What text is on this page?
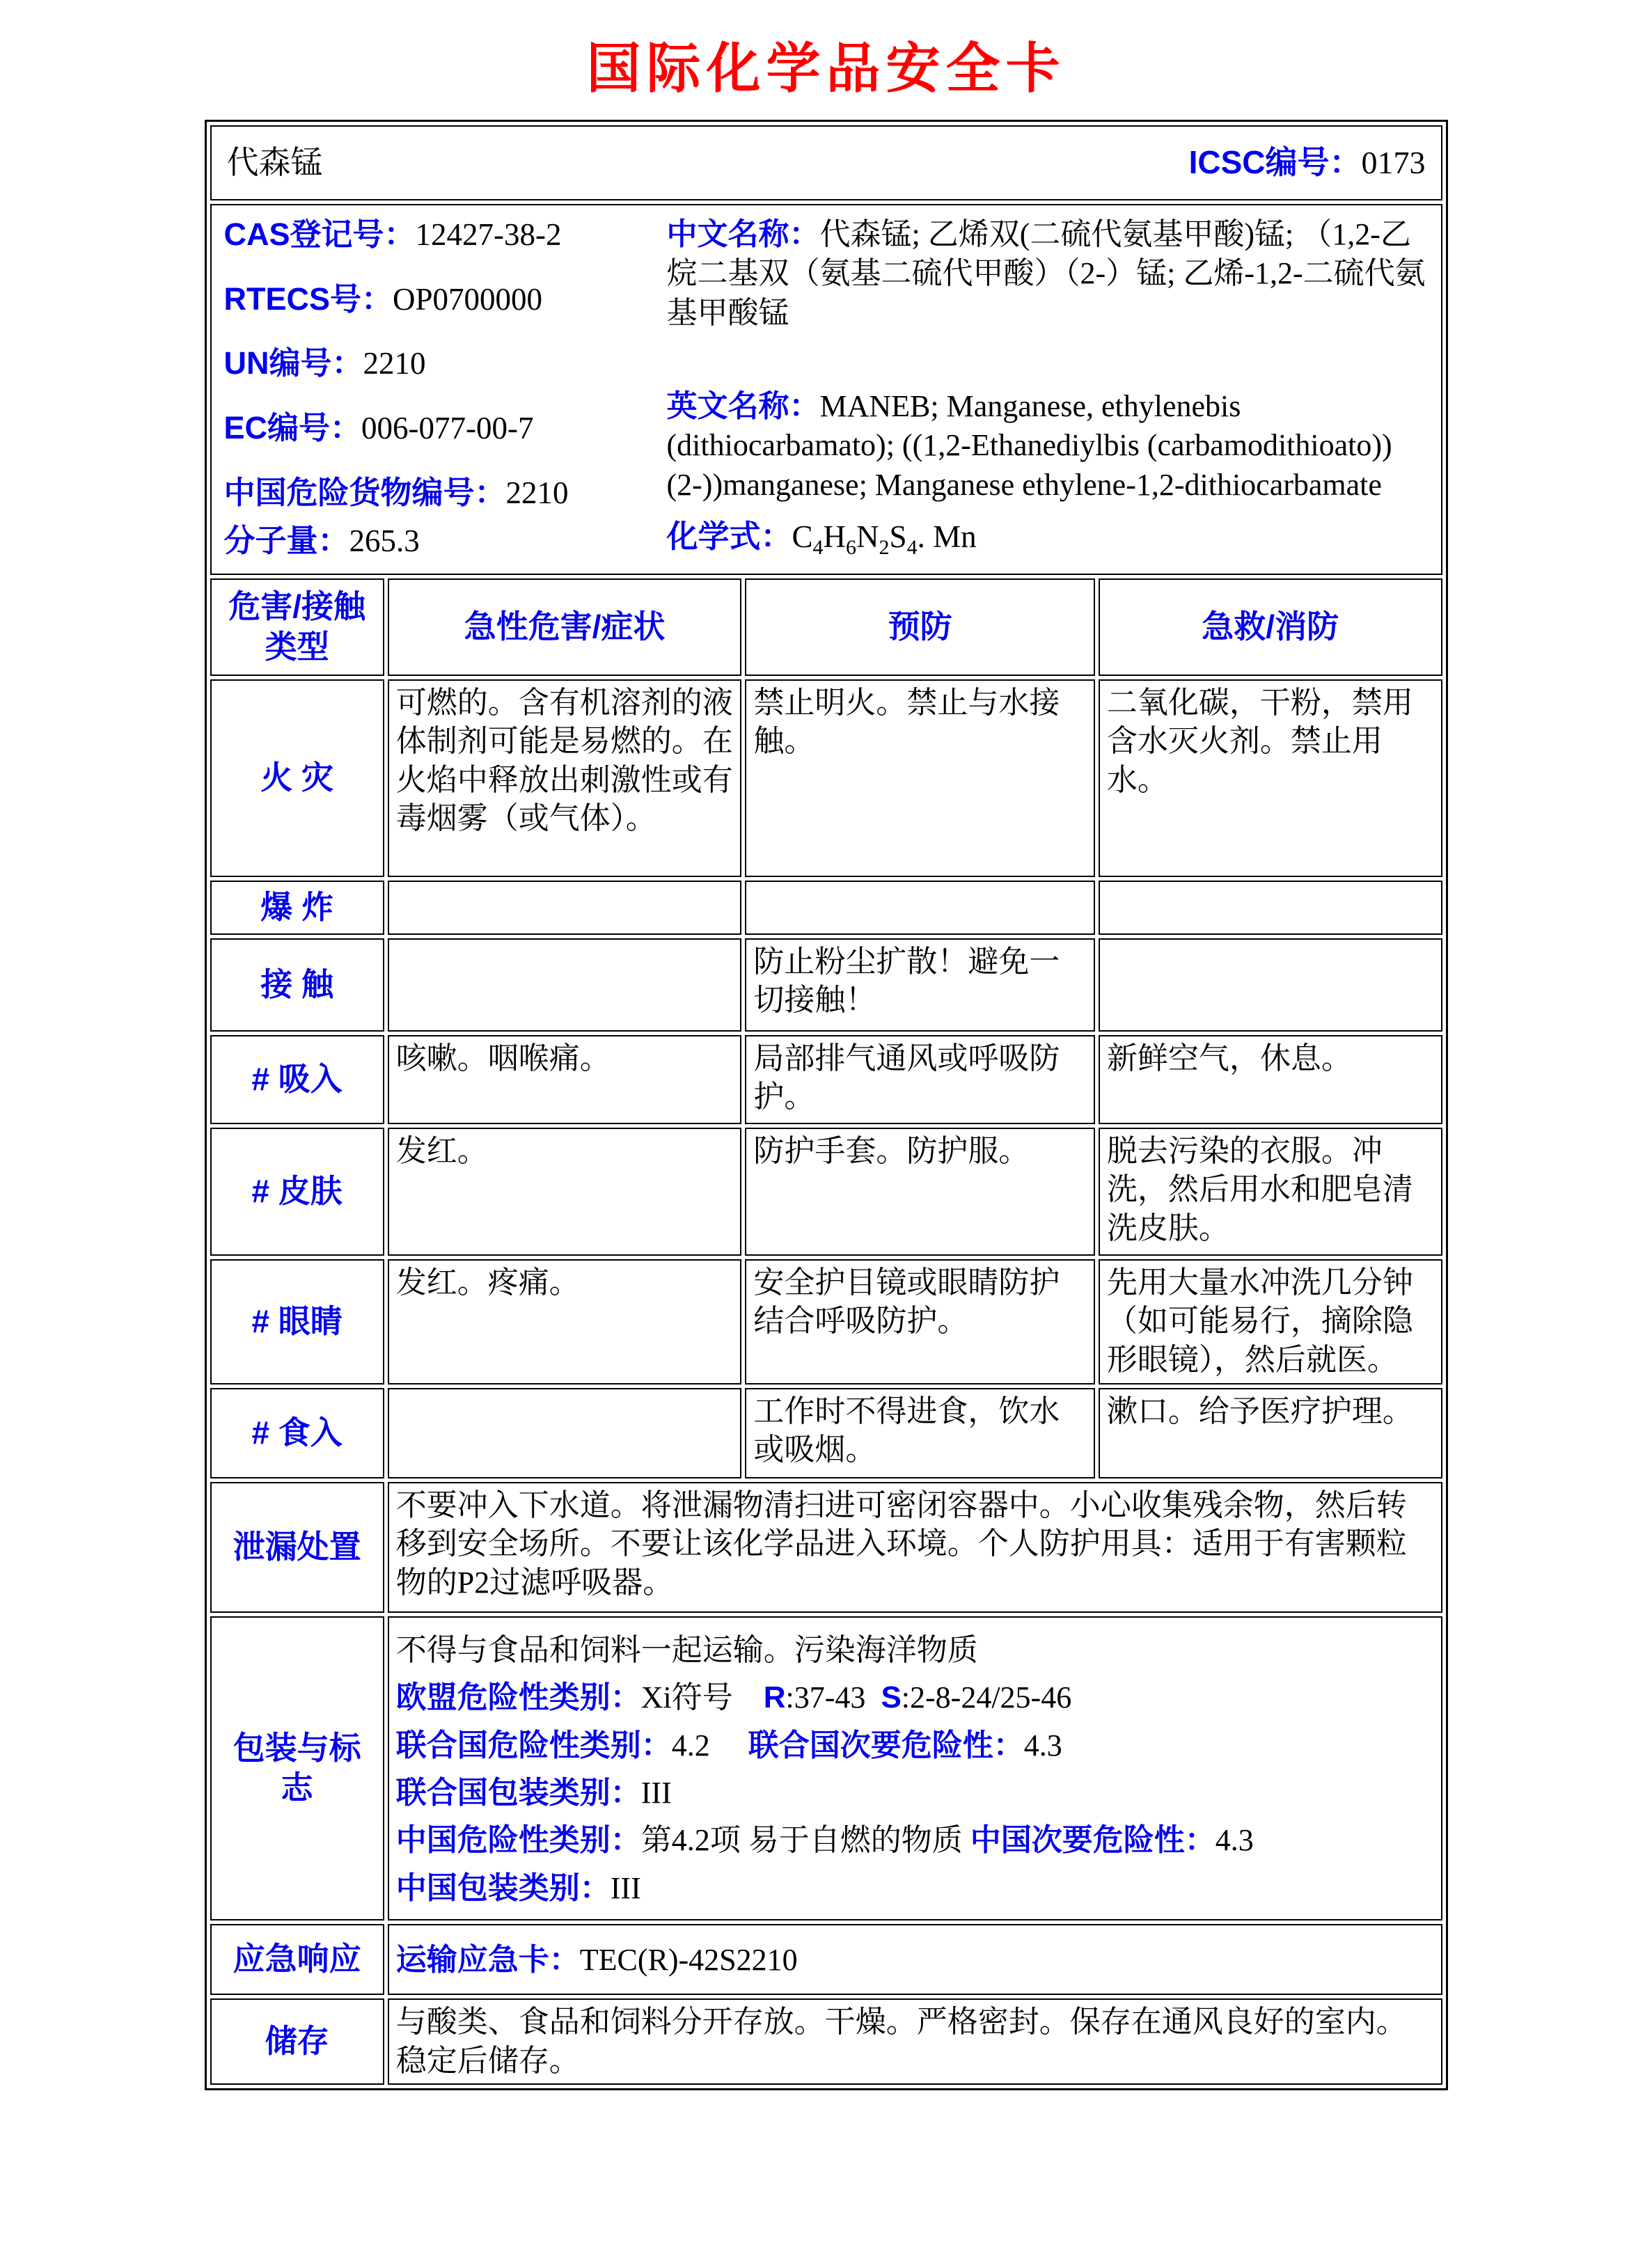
国际化学品安全卡
代森锰 ICSC编号：0173			

CAS登记号：12427-38-2
RTECS号：OP0700000
UN编号：2210
EC编号：006-077-00-7
中国危险货物编号：2210
分子量：265.3

中文名称：代森锰; 乙烯双(二硫代氨基甲酸)锰; （1,2-乙烷二基双（氨基二硫代甲酸）（2-）锰; 乙烯-1,2-二硫代氨基甲酸锰

英文名称：MANEB; Manganese, ethylenebis (dithiocarbamato); ((1,2-Ethanediylbis (carbamodithioato))(2-))manganese; Manganese ethylene-1,2-dithiocarbamate

化学式：$C_4H_6N_2S_4$. Mn

危害/接触类型	急性危害/症状	预防	急救/消防
火 灾	可燃的。含有机溶剂的液体制剂可能是易燃的。在火焰中释放出刺激性或有毒烟雾（或气体）。	禁止明火。禁止与水接触。	二氧化碳，干粉，禁用含水灭火剂。禁止用水。
爆 炸			
接 触		防止粉尘扩散！避免一切接触！	
# 吸入	咳嗽。咽喉痛。	局部排气通风或呼吸防护。	新鲜空气，休息。
# 皮肤	发红。	防护手套。防护服。	脱去污染的衣服。冲洗，然后用水和肥皂清洗皮肤。
# 眼睛	发红。疼痛。	安全护目镜或眼睛防护结合呼吸防护。	先用大量水冲洗几分钟（如可能易行，摘除隐形眼镜），然后就医。
# 食入		工作时不得进食，饮水或吸烟。	漱口。给予医疗护理。
泄漏处置	不要冲入下水道。将泄漏物清扫进可密闭容器中。小心收集残余物，然后转移到安全场所。不要让该化学品进入环境。个人防护用具：适用于有害颗粒物的P2过滤呼吸器。		
包装与标志	
不得与食品和饲料一起运输。污染海洋物质
欧盟危险性类别：Xi符号    R:37-43  S:2-8-24/25-46
联合国危险性类别：4.2     联合国次要危险性：4.3
联合国包装类别：III
中国危险性类别：第4.2项 易于自燃的物质 中国次要危险性：4.3
中国包装类别：III

应急响应	运输应急卡：TEC(R)-42S2210		

储存	与酸类、食品和饲料分开存放。干燥。严格密封。保存在通风良好的室内。稳定后储存。		
